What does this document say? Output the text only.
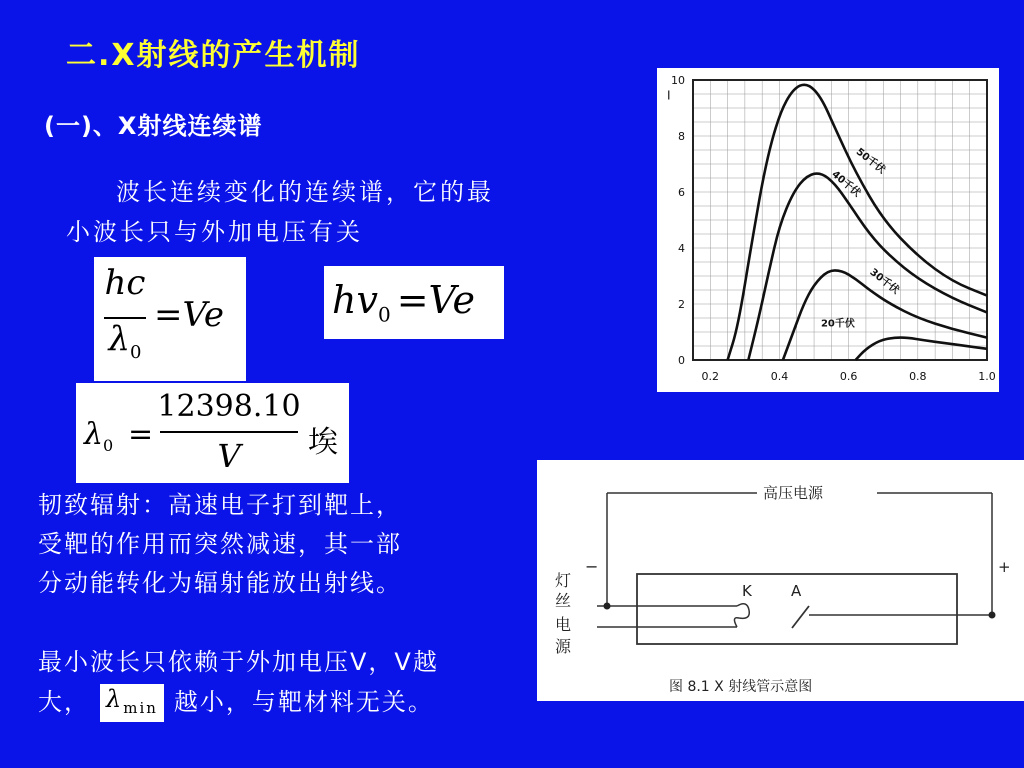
二.X射线的产生机制
(一)、X射线连续谱
波长连续变化的连续谱，它的最
小波长只与外加电压有关
hc
$\lambda_0$
=Ve	$hv_0 =Ve$
$\lambda_0$ =
12398.10
V	埃
韧致辐射：高速电子打到靶上，
受靶的作用而突然减速，其一部
分动能转化为辐射能放出射线。
最小波长只依赖于外加电压V，V越
大， $\lambda_{min}$ 越小，与靶材料无关。
0
2
4
6
8
10
0.2	0.4	0.6	0.8	1.0
I
50千伏
40千伏
30千伏
20千伏
高压电源
−	+
K	A
灯
丝
电
源
图 8.1 X 射线管示意图
